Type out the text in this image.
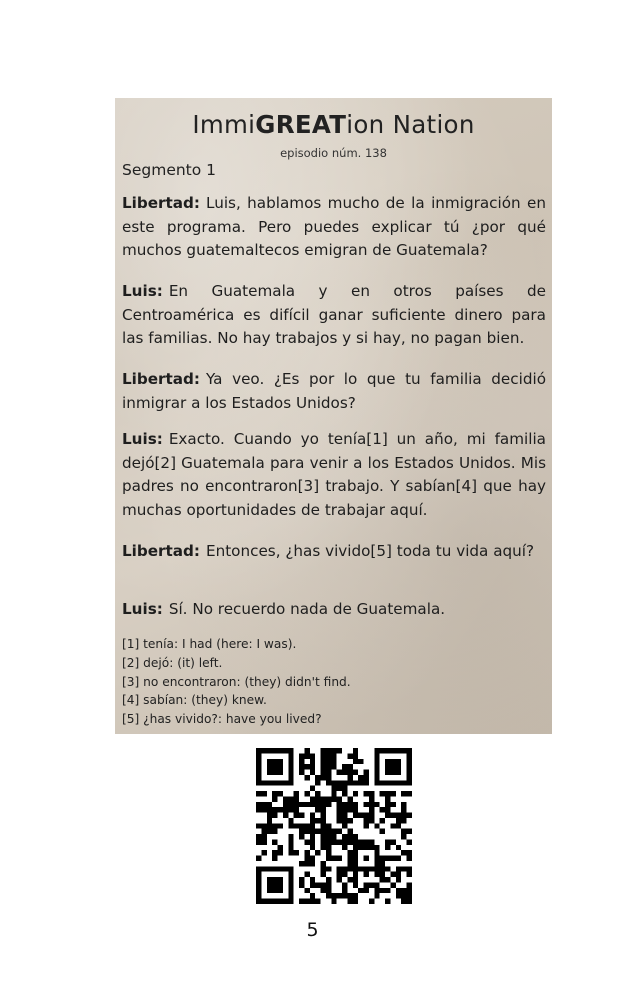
ImmiGREATion Nation
episodio núm. 138
Segmento 1
Libertad: Luis, hablamos mucho de la inmigración en este programa. Pero puedes explicar tú ¿por qué muchos guatemaltecos emigran de Guatemala?
Luis: En Guatemala y en otros países de Centroamérica es difícil ganar suficiente dinero para las familias. No hay trabajos y si hay, no pagan bien.
Libertad: Ya veo. ¿Es por lo que tu familia decidió inmigrar a los Estados Unidos?
Luis: Exacto. Cuando yo tenía[1] un año, mi familia dejó[2] Guatemala para venir a los Estados Unidos. Mis padres no encontraron[3] trabajo. Y sabían[4] que hay muchas oportunidades de trabajar aquí.
Libertad: Entonces, ¿has vivido[5] toda tu vida aquí?
Luis: Sí. No recuerdo nada de Guatemala.
[1] tenía: I had (here: I was).
[2] dejó: (it) left.
[3] no encontraron: (they) didn't find.
[4] sabían: (they) knew.
[5] ¿has vivido?: have you lived?
5
